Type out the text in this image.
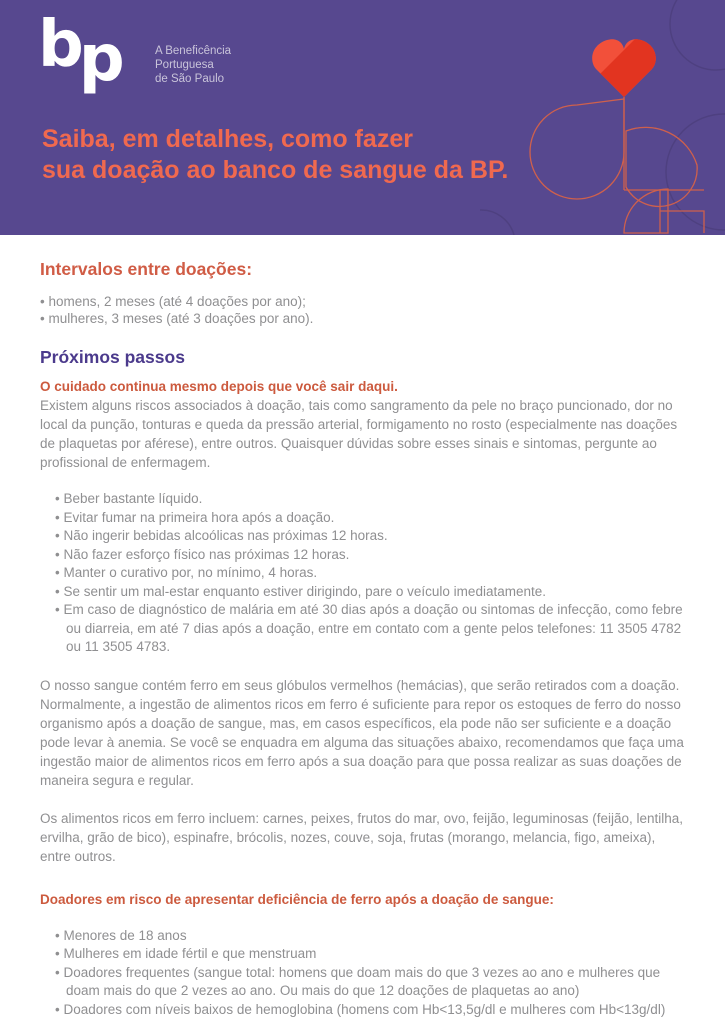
bp	A Beneficência
Portuguesa
de São Paulo
Saiba, em detalhes, como fazer
sua doação ao banco de sangue da BP.
Intervalos entre doações:
• homens, 2 meses (até 4 doações por ano);
• mulheres, 3 meses (até 3 doações por ano).
Próximos passos

O cuidado continua mesmo depois que você sair daqui.

Existem alguns riscos associados à doação, tais como sangramento da pele no braço puncionado, dor no local da punção, tonturas e queda da pressão arterial, formigamento no rosto (especialmente nas doações de plaquetas por aférese), entre outros. Quaisquer dúvidas sobre esses sinais e sintomas, pergunte ao profissional de enfermagem.

• Beber bastante líquido.
• Evitar fumar na primeira hora após a doação.
• Não ingerir bebidas alcoólicas nas próximas 12 horas.
• Não fazer esforço físico nas próximas 12 horas.
• Manter o curativo por, no mínimo, 4 horas.
• Se sentir um mal-estar enquanto estiver dirigindo, pare o veículo imediatamente.
• Em caso de diagnóstico de malária em até 30 dias após a doação ou sintomas de infecção, como febre ou diarreia, em até 7 dias após a doação, entre em contato com a gente pelos telefones: 11 3505 4782 ou 11 3505 4783.

O nosso sangue contém ferro em seus glóbulos vermelhos (hemácias), que serão retirados com a doação. Normalmente, a ingestão de alimentos ricos em ferro é suficiente para repor os estoques de ferro do nosso organismo após a doação de sangue, mas, em casos específicos, ela pode não ser suficiente e a doação pode levar à anemia. Se você se enquadra em alguma das situações abaixo, recomendamos que faça uma ingestão maior de alimentos ricos em ferro após a sua doação para que possa realizar as suas doações de maneira segura e regular.

Os alimentos ricos em ferro incluem: carnes, peixes, frutos do mar, ovo, feijão, leguminosas (feijão, lentilha, ervilha, grão de bico), espinafre, brócolis, nozes, couve, soja, frutas (morango, melancia, figo, ameixa), entre outros.

Doadores em risco de apresentar deficiência de ferro após a doação de sangue:
• Menores de 18 anos
• Mulheres em idade fértil e que menstruam
• Doadores frequentes (sangue total: homens que doam mais do que 3 vezes ao ano e mulheres que doam mais do que 2 vezes ao ano. Ou mais do que 12 doações de plaquetas ao ano)
• Doadores com níveis baixos de hemoglobina (homens com Hb<13,5g/dl e mulheres com Hb<13g/dl)
